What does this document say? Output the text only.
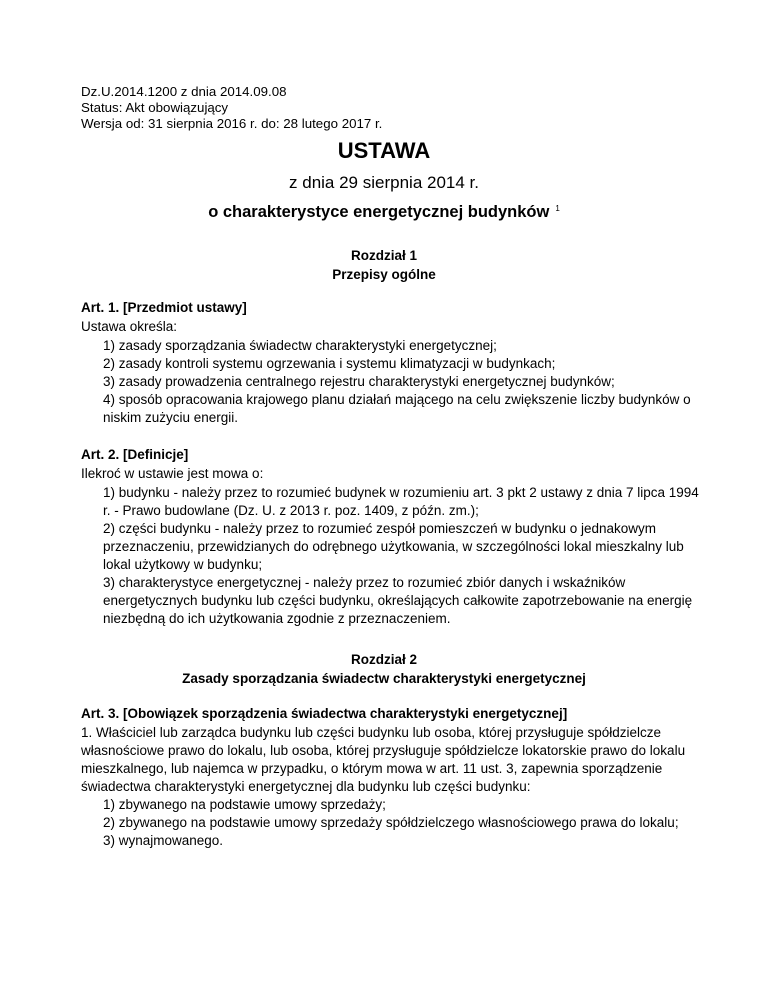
Dz.U.2014.1200 z dnia 2014.09.08
Status: Akt obowiązujący
Wersja od: 31 sierpnia 2016 r. do: 28 lutego 2017 r.
USTAWA
z dnia 29 sierpnia 2014 r.
o charakterystyce energetycznej budynków $^1$
Rozdział 1
Przepisy ogólne
Art. 1. [Przedmiot ustawy]
Ustawa określa:
1) zasady sporządzania świadectw charakterystyki energetycznej;
2) zasady kontroli systemu ogrzewania i systemu klimatyzacji w budynkach;
3) zasady prowadzenia centralnego rejestru charakterystyki energetycznej budynków;
4) sposób opracowania krajowego planu działań mającego na celu zwiększenie liczby budynków o niskim zużyciu energii.
Art. 2. [Definicje]
Ilekroć w ustawie jest mowa o:
1) budynku - należy przez to rozumieć budynek w rozumieniu art. 3 pkt 2 ustawy z dnia 7 lipca 1994 r. - Prawo budowlane (Dz. U. z 2013 r. poz. 1409, z późn. zm.);
2) części budynku - należy przez to rozumieć zespół pomieszczeń w budynku o jednakowym przeznaczeniu, przewidzianych do odrębnego użytkowania, w szczególności lokal mieszkalny lub lokal użytkowy w budynku;
3) charakterystyce energetycznej - należy przez to rozumieć zbiór danych i wskaźników energetycznych budynku lub części budynku, określających całkowite zapotrzebowanie na energię niezbędną do ich użytkowania zgodnie z przeznaczeniem.
Rozdział 2
Zasady sporządzania świadectw charakterystyki energetycznej
Art. 3. [Obowiązek sporządzenia świadectwa charakterystyki energetycznej]
1. Właściciel lub zarządca budynku lub części budynku lub osoba, której przysługuje spółdzielcze własnościowe prawo do lokalu, lub osoba, której przysługuje spółdzielcze lokatorskie prawo do lokalu mieszkalnego, lub najemca w przypadku, o którym mowa w art. 11 ust. 3, zapewnia sporządzenie świadectwa charakterystyki energetycznej dla budynku lub części budynku:
1) zbywanego na podstawie umowy sprzedaży;
2) zbywanego na podstawie umowy sprzedaży spółdzielczego własnościowego prawa do lokalu;
3) wynajmowanego.
